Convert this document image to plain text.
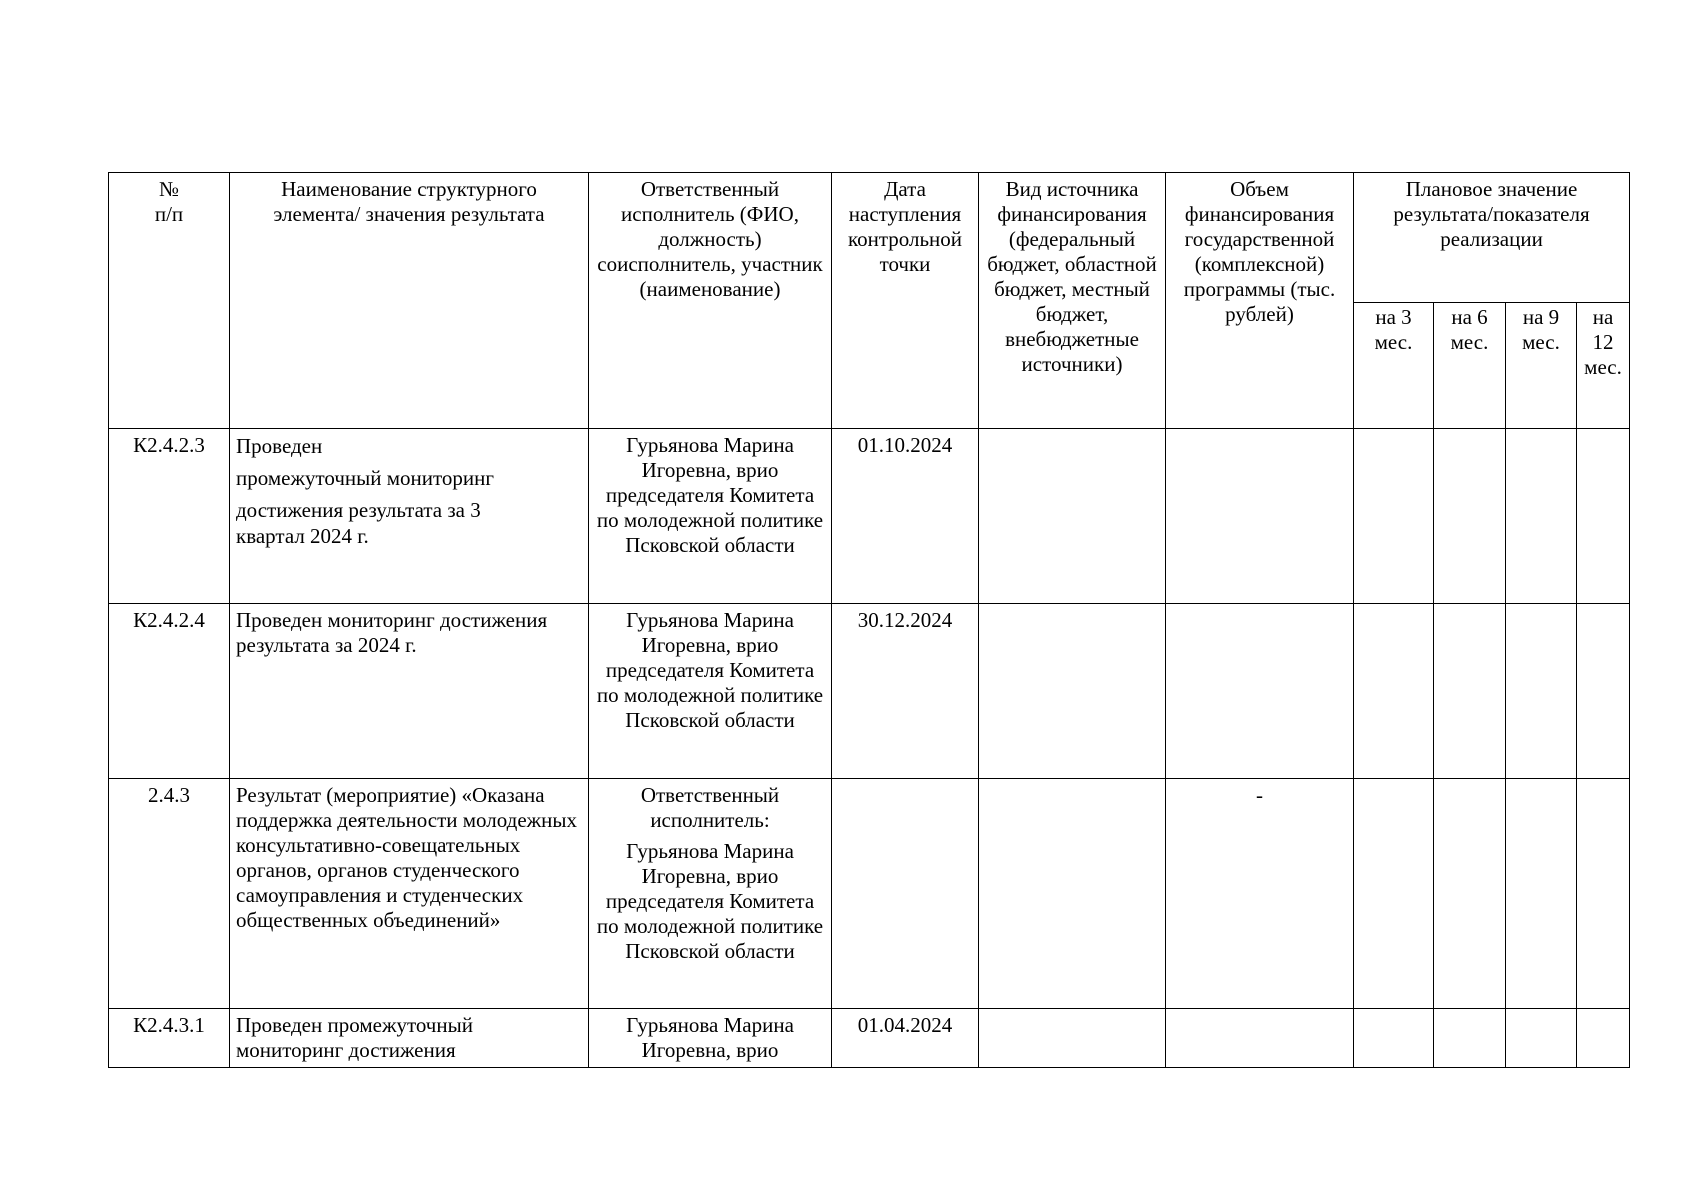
№ п/п	Наименование структурного элемента/ значения результата	Ответственный исполнитель (ФИО, должность) соисполнитель, участник (наименование)	Дата наступления контрольной точки	Вид источника финансирования (федеральный бюджет, областной бюджет, местный бюджет, внебюджетные источники)	Объем финансирования государственной (комплексной) программы (тыс. рублей)	Плановое значение результата/показателя реализации			
						на 3 мес.	на 6 мес.	на 9 мес.	на 12 мес.
К2.4.2.3	Проведен
промежуточный мониторинг
достижения результата за 3
квартал 2024 г.	Гурьянова Марина Игоревна, врио председателя Комитета по молодежной политике Псковской области	01.10.2024						
К2.4.2.4	Проведен мониторинг достижения результата за 2024 г.	Гурьянова Марина Игоревна, врио председателя Комитета по молодежной политике Псковской области	30.12.2024						
2.4.3	Результат (мероприятие) «Оказана поддержка деятельности молодежных консультативно-совещательных органов, органов студенческого самоуправления и студенческих общественных объединений»	Ответственный исполнитель:
Гурьянова Марина Игоревна, врио председателя Комитета по молодежной политике Псковской области			-				
К2.4.3.1	Проведен промежуточный мониторинг достижения	Гурьянова Марина Игоревна, врио	01.04.2024						
